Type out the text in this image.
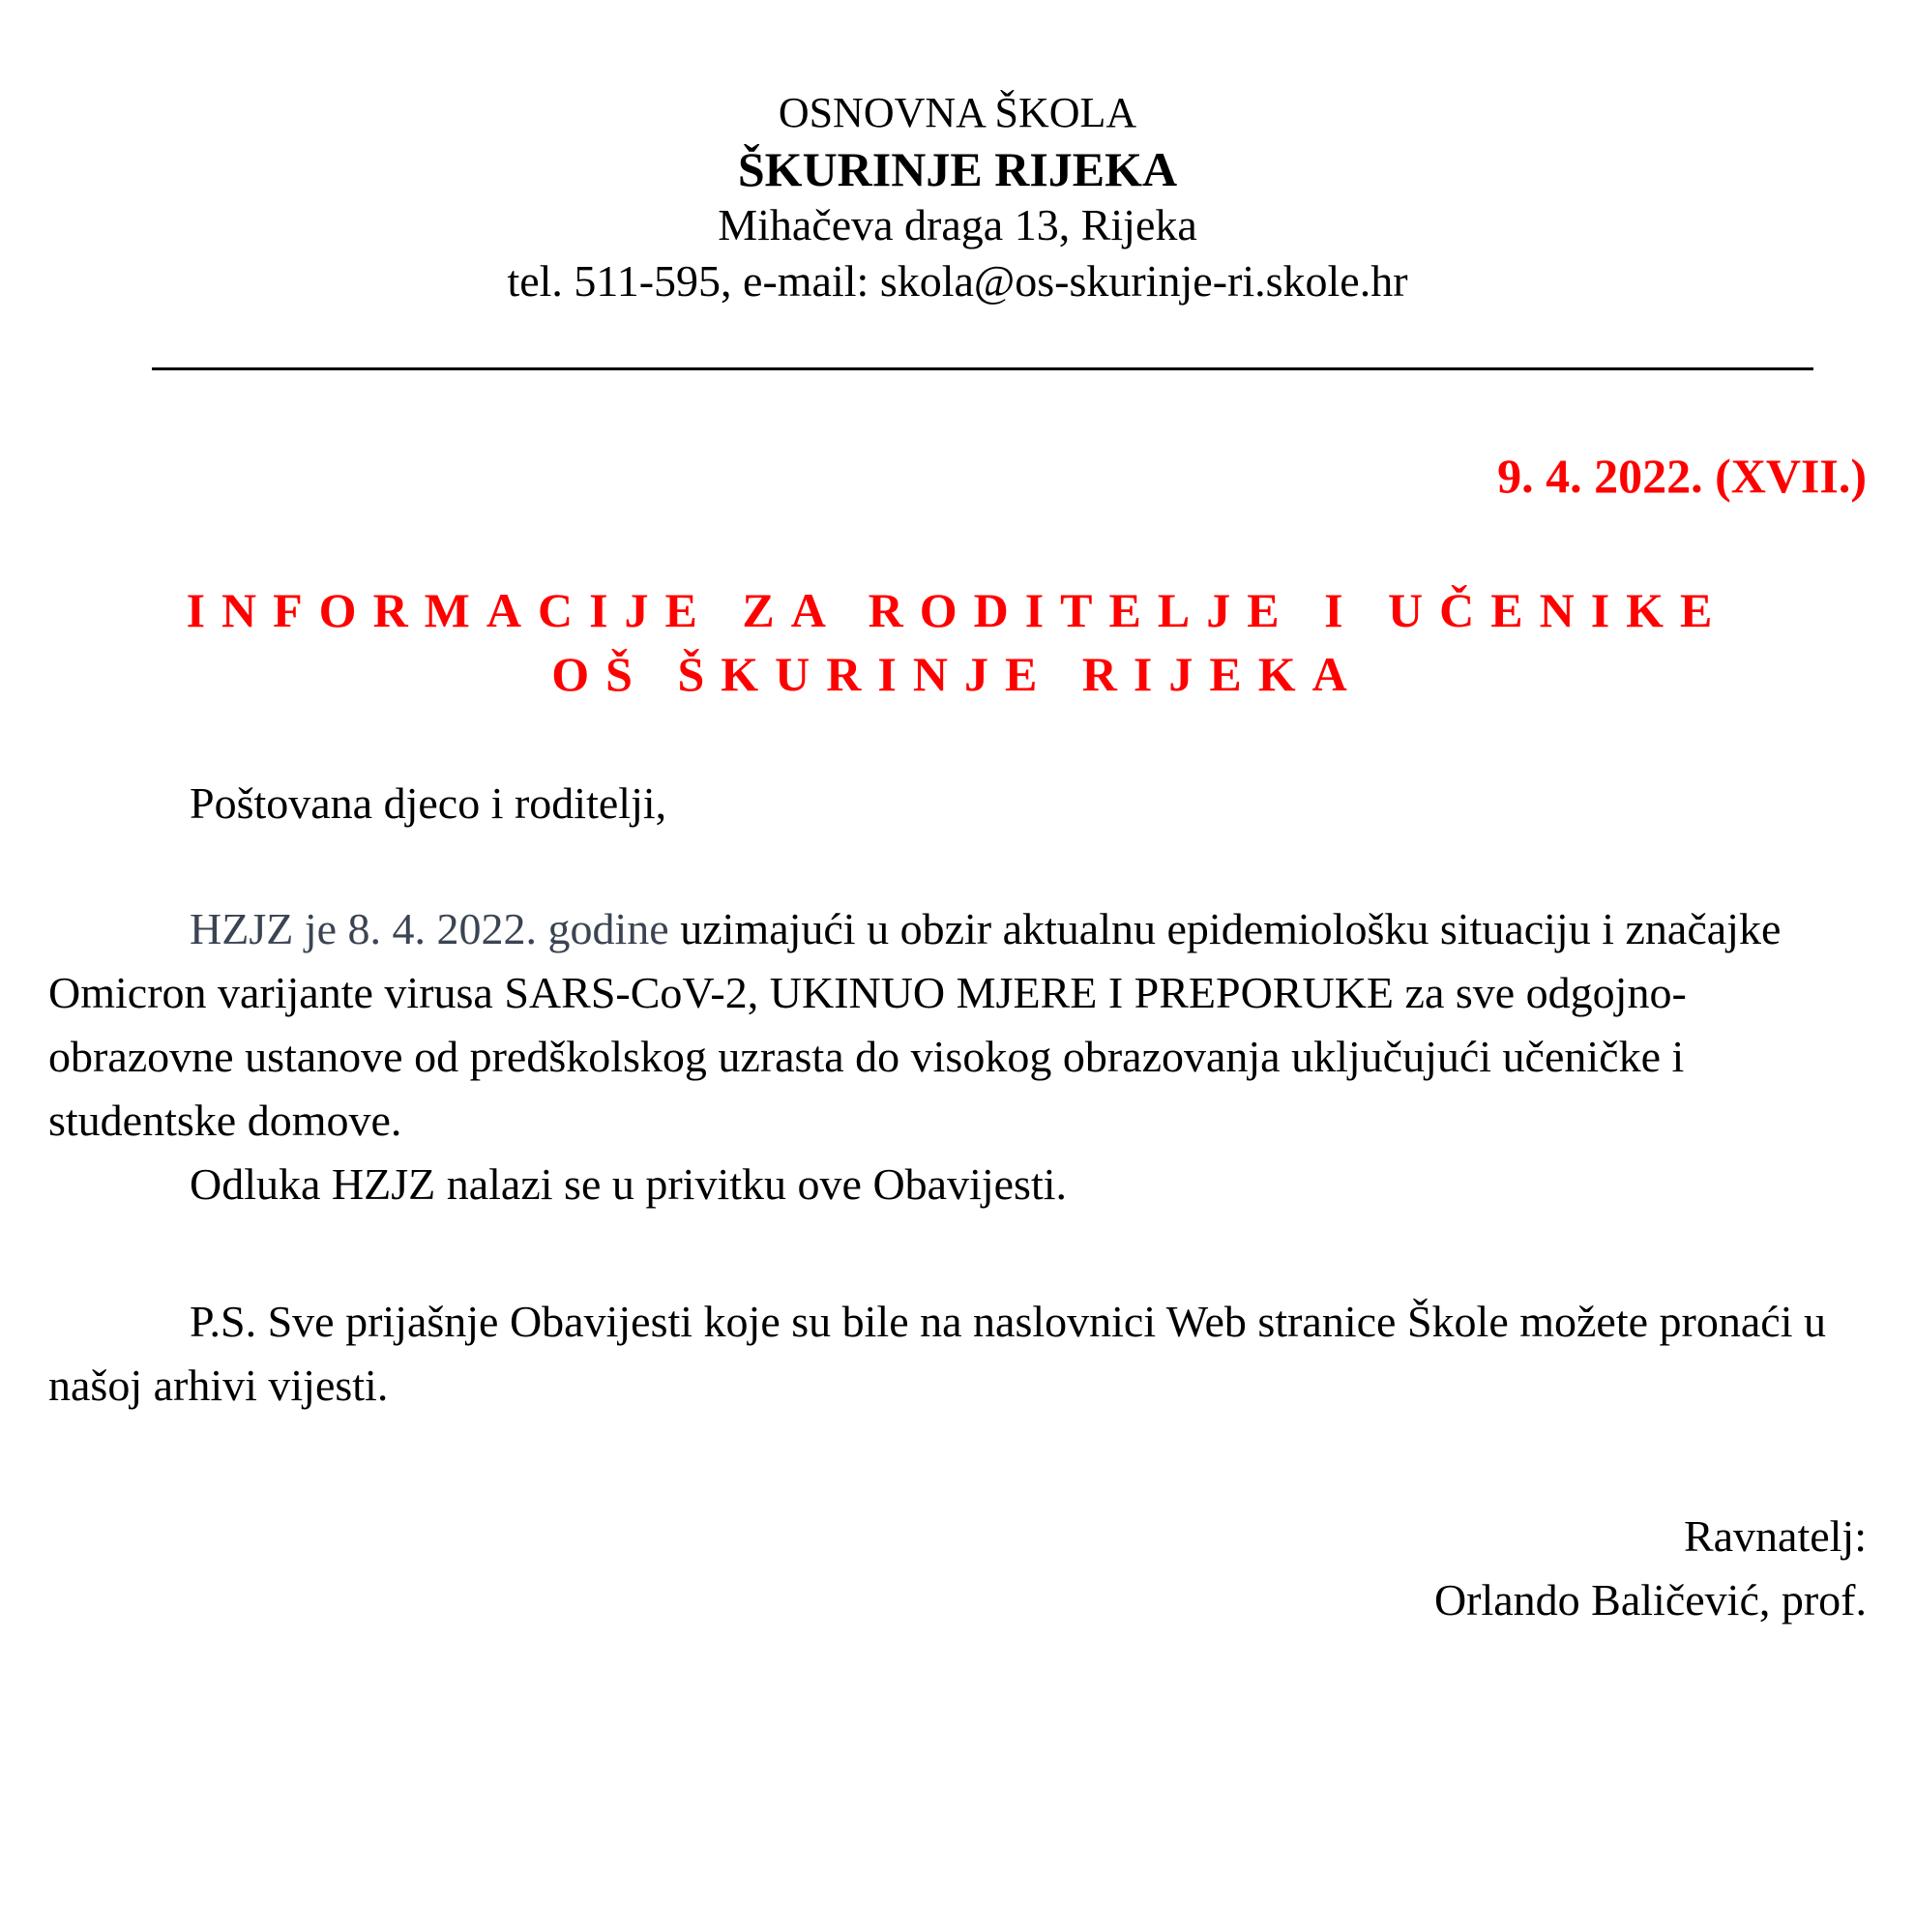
OSNOVNA ŠKOLA
ŠKURINJE RIJEKA
Mihačeva draga 13, Rijeka
tel. 511-595, e-mail: skola@os-skurinje-ri.skole.hr
9. 4. 2022. (XVII.)
INFORMACIJE ZA RODITELJE I UČENIKE
OŠ ŠKURINJE RIJEKA
Poštovana djeco i roditelji,

HZJZ je 8. 4. 2022. godine uzimajući u obzir aktualnu epidemiološku situaciju i značajke Omicron varijante virusa SARS-CoV-2, UKINUO MJERE I PREPORUKE za sve odgojno-obrazovne ustanove od predškolskog uzrasta do visokog obrazovanja uključujući učeničke i studentske domove.

Odluka HZJZ nalazi se u privitku ove Obavijesti.

P.S. Sve prijašnje Obavijesti koje su bile na naslovnici Web stranice Škole možete pronaći u našoj arhivi vijesti.

Ravnatelj:
Orlando Baličević, prof.
